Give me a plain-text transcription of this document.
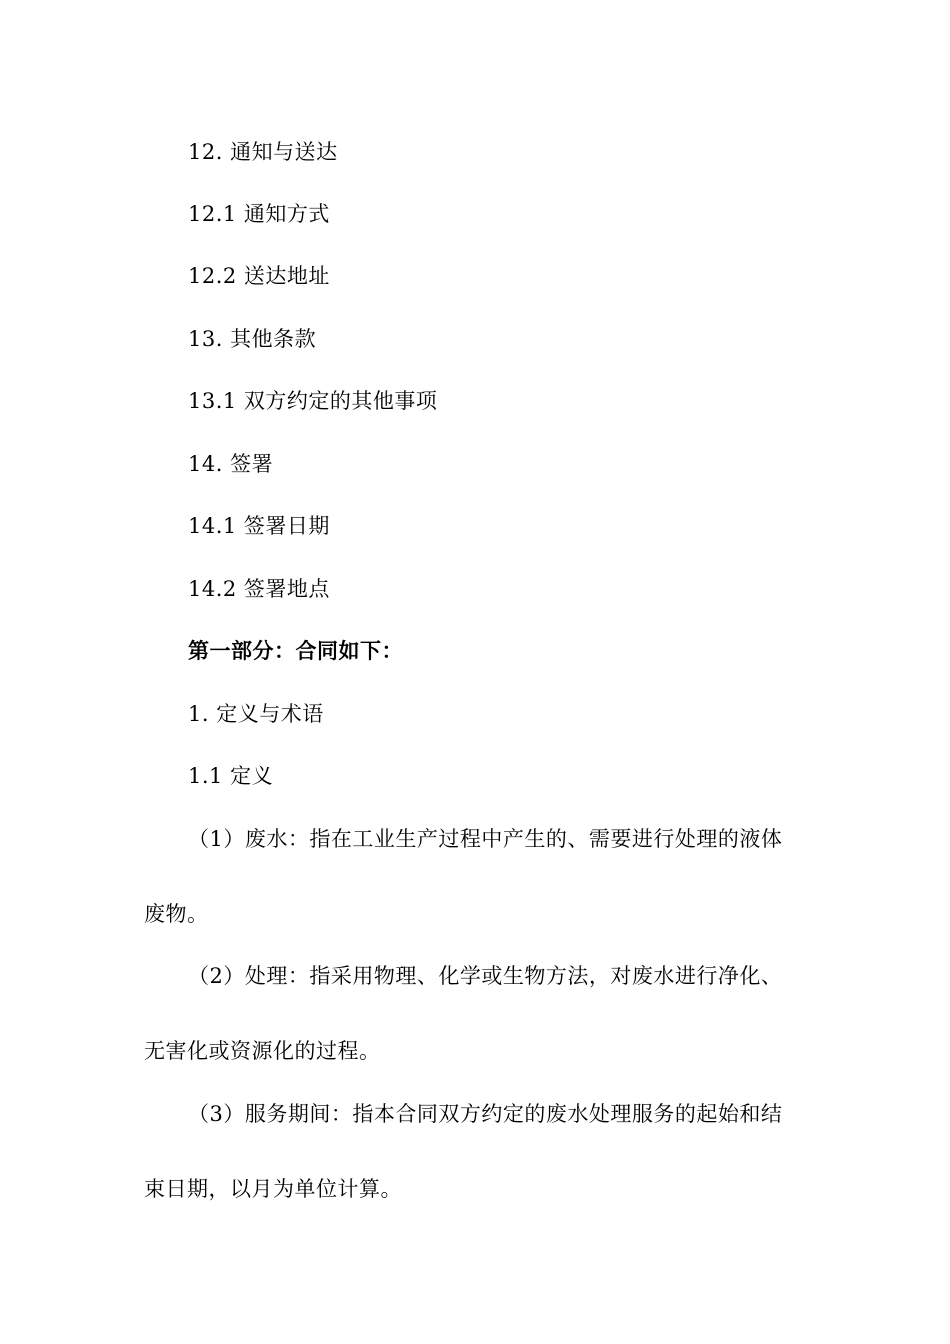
12. 通知与送达
12.1 通知方式
12.2 送达地址
13. 其他条款
13.1 双方约定的其他事项
14. 签署
14.1 签署日期
14.2 签署地点
第一部分：合同如下：
1. 定义与术语
1.1 定义
（1）废水：指在工业生产过程中产生的、需要进行处理的液体
废物。
（2）处理：指采用物理、化学或生物方法，对废水进行净化、
无害化或资源化的过程。
（3）服务期间：指本合同双方约定的废水处理服务的起始和结
束日期，以月为单位计算。
